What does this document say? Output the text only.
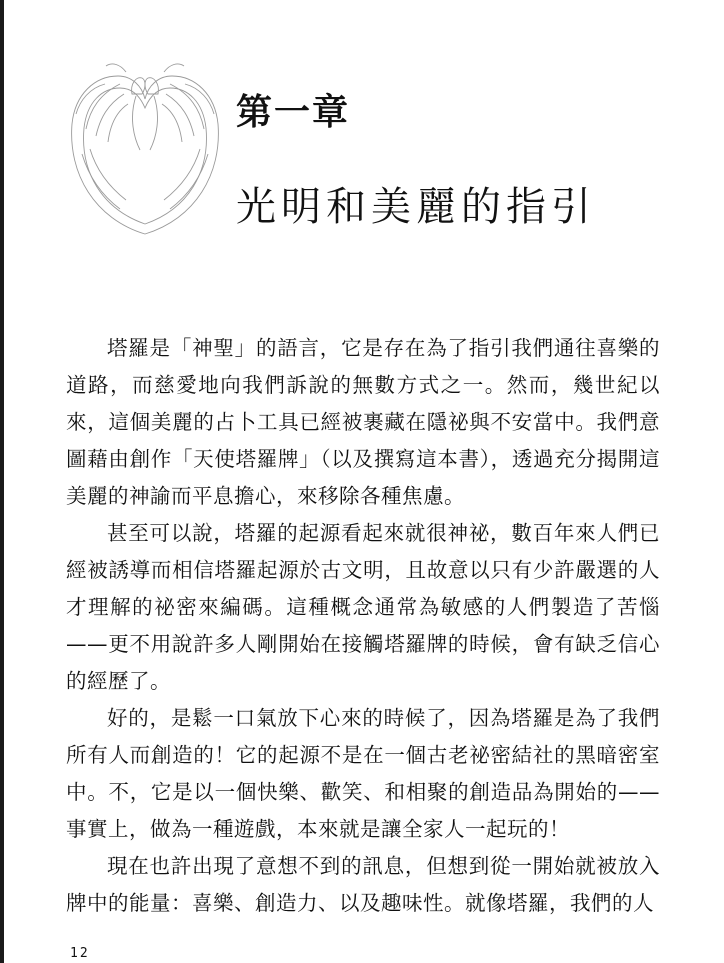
第一章
光明和美麗的指引

塔羅是「神聖」的語言，它是存在為了指引我們通往喜樂的道路，而慈愛地向我們訴說的無數方式之一。然而，幾世紀以來，這個美麗的占卜工具已經被裹藏在隱祕與不安當中。我們意圖藉由創作「天使塔羅牌」（以及撰寫這本書），透過充分揭開這美麗的神諭而平息擔心，來移除各種焦慮。

甚至可以說，塔羅的起源看起來就很神祕，數百年來人們已經被誘導而相信塔羅起源於古文明，且故意以只有少許嚴選的人才理解的祕密來編碼。這種概念通常為敏感的人們製造了苦惱——更不用說許多人剛開始在接觸塔羅牌的時候，會有缺乏信心的經歷了。

好的，是鬆一口氣放下心來的時候了，因為塔羅是為了我們所有人而創造的！它的起源不是在一個古老祕密結社的黑暗密室中。不，它是以一個快樂、歡笑、和相聚的創造品為開始的——事實上，做為一種遊戲，本來就是讓全家人一起玩的！

現在也許出現了意想不到的訊息，但想到從一開始就被放入牌中的能量：喜樂、創造力、以及趣味性。就像塔羅，我們的人

12
